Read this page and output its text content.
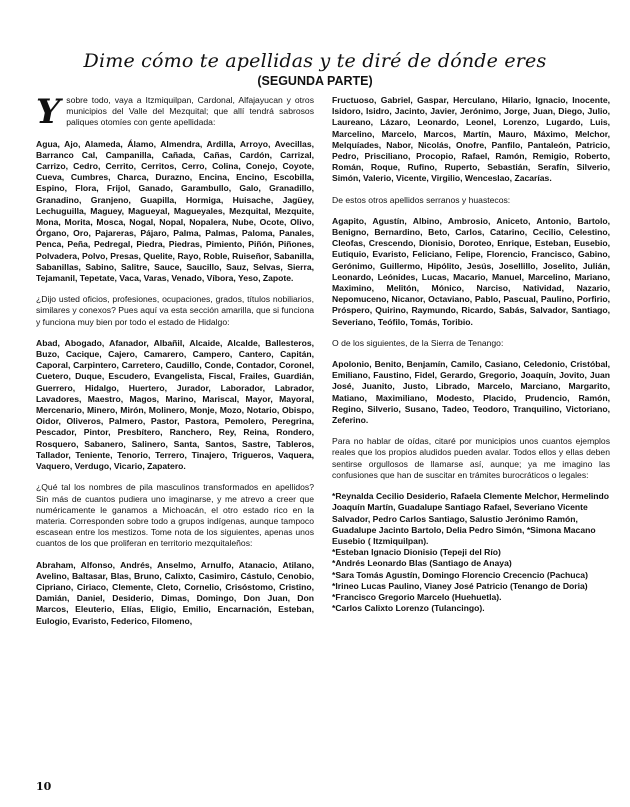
Dime cómo te apellidas y te diré de dónde eres
(SEGUNDA PARTE)

Ysobre todo, vaya a Itzmiquilpan, Cardonal, Alfajayucan y otros municipios del Valle del Mezquital; que allí tendrá sabrosos paliques otomíes con gente apellidada:

Agua, Ajo, Alameda, Álamo, Almendra, Ardilla, Arroyo, Avecillas, Barranco Cal, Campanilla, Cañada, Cañas, Cardón, Carrizal, Carrizo, Cedro, Cerrito, Cerritos, Cerro, Colina, Conejo, Coyote, Cueva, Cumbres, Charca, Durazno, Encina, Encino, Escobilla, Espino, Flora, Frijol, Ganado, Garambullo, Galo, Granadillo, Granadino, Granjeno, Guapilla, Hormiga, Huisache, Jagüey, Lechuguilla, Maguey, Magueyal, Magueyales, Mezquital, Mezquite, Mona, Morita, Mosca, Nogal, Nopal, Nopalera, Nube, Ocote, Olivo, Órgano, Oro, Pajareras, Pájaro, Palma, Palmas, Paloma, Panales, Penca, Peña, Pedregal, Piedra, Piedras, Pimiento, Piñón, Piñones, Polvadera, Polvo, Presas, Quelite, Rayo, Roble, Ruiseñor, Sabanilla, Sabanillas, Sabino, Salitre, Sauce, Saucillo, Sauz, Selvas, Sierra, Tejamanil, Tepetate, Vaca, Varas, Venado, Víbora, Yeso, Zapote.

¿Dijo usted oficios, profesiones, ocupaciones, grados, títulos nobiliarios, similares y conexos? Pues aquí va esta sección amarilla, que si funciona y funciona muy bien por todo el estado de Hidalgo:

Abad, Abogado, Afanador, Albañil, Alcaide, Alcalde, Ballesteros, Buzo, Cacique, Cajero, Camarero, Campero, Cantero, Capitán, Caporal, Carpintero, Carretero, Caudillo, Conde, Contador, Coronel, Cuetero, Duque, Escudero, Evangelista, Fiscal, Frailes, Guardián, Guerrero, Hidalgo, Huertero, Jurador, Laborador, Labrador, Lavadores, Maestro, Magos, Marino, Mariscal, Mayor, Mayoral, Mercenario, Minero, Mirón, Molinero, Monje, Mozo, Notario, Obispo, Oidor, Oliveros, Palmero, Pastor, Pastora, Pemolero, Peregrina, Pescador, Pintor, Presbítero, Ranchero, Rey, Reina, Rondero, Rosquero, Sabanero, Salinero, Santa, Santos, Sastre, Tableros, Tallador, Teniente, Tenorio, Terrero, Tinajero, Trigueros, Vaquera, Vaquero, Verdugo, Vicario, Zapatero.

¿Qué tal los nombres de pila masculinos transformados en apellidos? Sin más de cuantos pudiera uno imaginarse, y me atrevo a creer que numéricamente le ganamos a Michoacán, el otro estado rico en la materia. Corresponden sobre todo a grupos indígenas, aunque tampoco escasean entre los mestizos. Tome nota de los siguientes, apenas unos cuantos de los que proliferan en territorio mezquitaleños:

Abraham, Alfonso, Andrés, Anselmo, Arnulfo, Atanacio, Atilano, Avelino, Baltasar, Blas, Bruno, Calixto, Casimiro, Cástulo, Cenobio, Cipriano, Ciriaco, Clemente, Cleto, Cornelio, Crisóstomo, Cristino, Damián, Daniel, Desiderio, Dimas, Domingo, Don Juan, Don Marcos, Eleuterio, Elías, Eligio, Emilio, Encarnación, Esteban, Eulogio, Evaristo, Federico, Filomeno,

Fructuoso, Gabriel, Gaspar, Herculano, Hilario, Ignacio, Inocente, Isidoro, Isidro, Jacinto, Javier, Jerónimo, Jorge, Juan, Diego, Julio, Laureano, Lázaro, Leonardo, Leonel, Lorenzo, Lugardo, Luis, Marcelino, Marcelo, Marcos, Martín, Mauro, Máximo, Melchor, Melquíades, Nabor, Nicolás, Onofre, Panfilo, Pantaleón, Patricio, Pedro, Prisciliano, Procopio, Rafael, Ramón, Remigio, Roberto, Román, Roque, Rufino, Ruperto, Sebastián, Serafín, Silverio, Simón, Valerio, Vicente, Virgilio, Wenceslao, Zacarías.

De estos otros apellidos serranos y huastecos:

Agapito, Agustín, Albino, Ambrosio, Aniceto, Antonio, Bartolo, Benigno, Bernardino, Beto, Carlos, Catarino, Cecilio, Celestino, Cleofas, Crescendo, Dionisio, Doroteo, Enrique, Esteban, Eusebio, Eutiquio, Evaristo, Feliciano, Felipe, Florencio, Francisco, Gabino, Gerónimo, Guillermo, Hipólito, Jesús, Josellillo, Joselito, Julián, Leonardo, Leónides, Lucas, Macario, Manuel, Marcelino, Mariano, Maximino, Melitón, Mónico, Narciso, Natividad, Nazario, Nepomuceno, Nicanor, Octaviano, Pablo, Pascual, Paulino, Porfirio, Próspero, Quirino, Raymundo, Ricardo, Sabás, Salvador, Santiago, Severiano, Teófilo, Tomás, Toribio.

O de los siguientes, de la Sierra de Tenango:

Apolonio, Benito, Benjamín, Camilo, Casiano, Celedonio, Cristóbal, Emiliano, Faustino, Fidel, Gerardo, Gregorio, Joaquín, Jovito, Juan José, Juanito, Justo, Librado, Marcelo, Marciano, Margarito, Matiano, Maximiliano, Modesto, Placido, Prudencio, Ramón, Regino, Silverio, Susano, Tadeo, Teodoro, Tranquilino, Victoriano, Zeferino.

Para no hablar de oídas, citaré por municipios unos cuantos ejemplos reales que los propios aludidos pueden avalar. Todos ellos y ellas deben sentirse orgullosos de llamarse así, aunque; ya me imagino las confusiones que han de suscitar en trámites burocráticos o legales:

*Reynalda Cecilio Desiderio, Rafaela Clemente Melchor, Hermelindo Joaquín Martín, Guadalupe Santiago Rafael, Severiano Vicente Salvador, Pedro Carlos Santiago, Salustio Jerónimo Ramón, Guadalupe Jacinto Bartolo, Delia Pedro Simón, *Simona Macano Eusebio ( Itzmiquilpan).
*Esteban Ignacio Dionisio (Tepeji del Río)
*Andrés Leonardo Blas (Santiago de Anaya)
*Sara Tomás Agustín, Domingo Florencio Crecencio (Pachuca)
*Irineo Lucas Paulino, Vianey José Patricio (Tenango de Doria)
*Francisco Gregorio Marcelo (Huehuetla).
*Carlos Calixto Lorenzo (Tulancingo).
10
